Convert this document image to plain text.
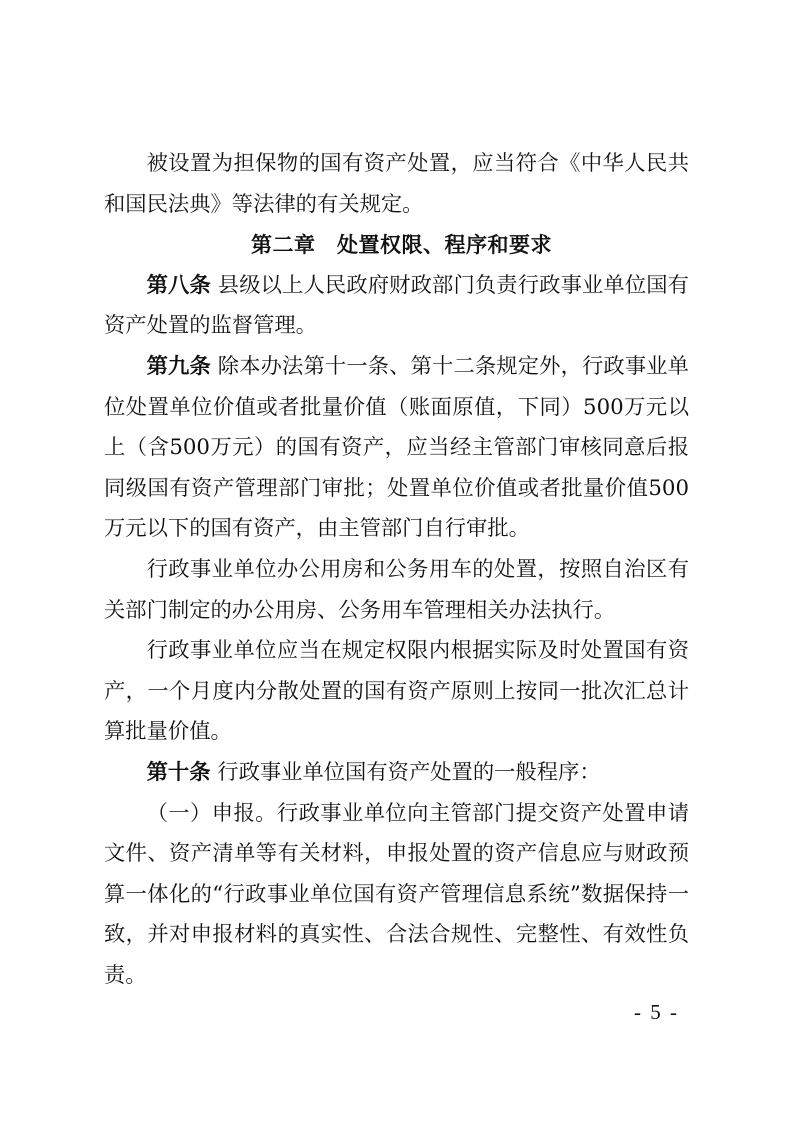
被设置为担保物的国有资产处置，应当符合《中华人民共和国民法典》等法律的有关规定。

第二章　处置权限、程序和要求

第八条 县级以上人民政府财政部门负责行政事业单位国有资产处置的监督管理。

第九条 除本办法第十一条、第十二条规定外，行政事业单位处置单位价值或者批量价值（账面原值，下同）500万元以上（含500万元）的国有资产，应当经主管部门审核同意后报同级国有资产管理部门审批；处置单位价值或者批量价值500万元以下的国有资产，由主管部门自行审批。

行政事业单位办公用房和公务用车的处置，按照自治区有关部门制定的办公用房、公务用车管理相关办法执行。

行政事业单位应当在规定权限内根据实际及时处置国有资产，一个月度内分散处置的国有资产原则上按同一批次汇总计算批量价值。

第十条 行政事业单位国有资产处置的一般程序：

（一）申报。行政事业单位向主管部门提交资产处置申请文件、资产清单等有关材料，申报处置的资产信息应与财政预算一体化的“行政事业单位国有资产管理信息系统”数据保持一致，并对申报材料的真实性、合法合规性、完整性、有效性负责。

- 5 -
